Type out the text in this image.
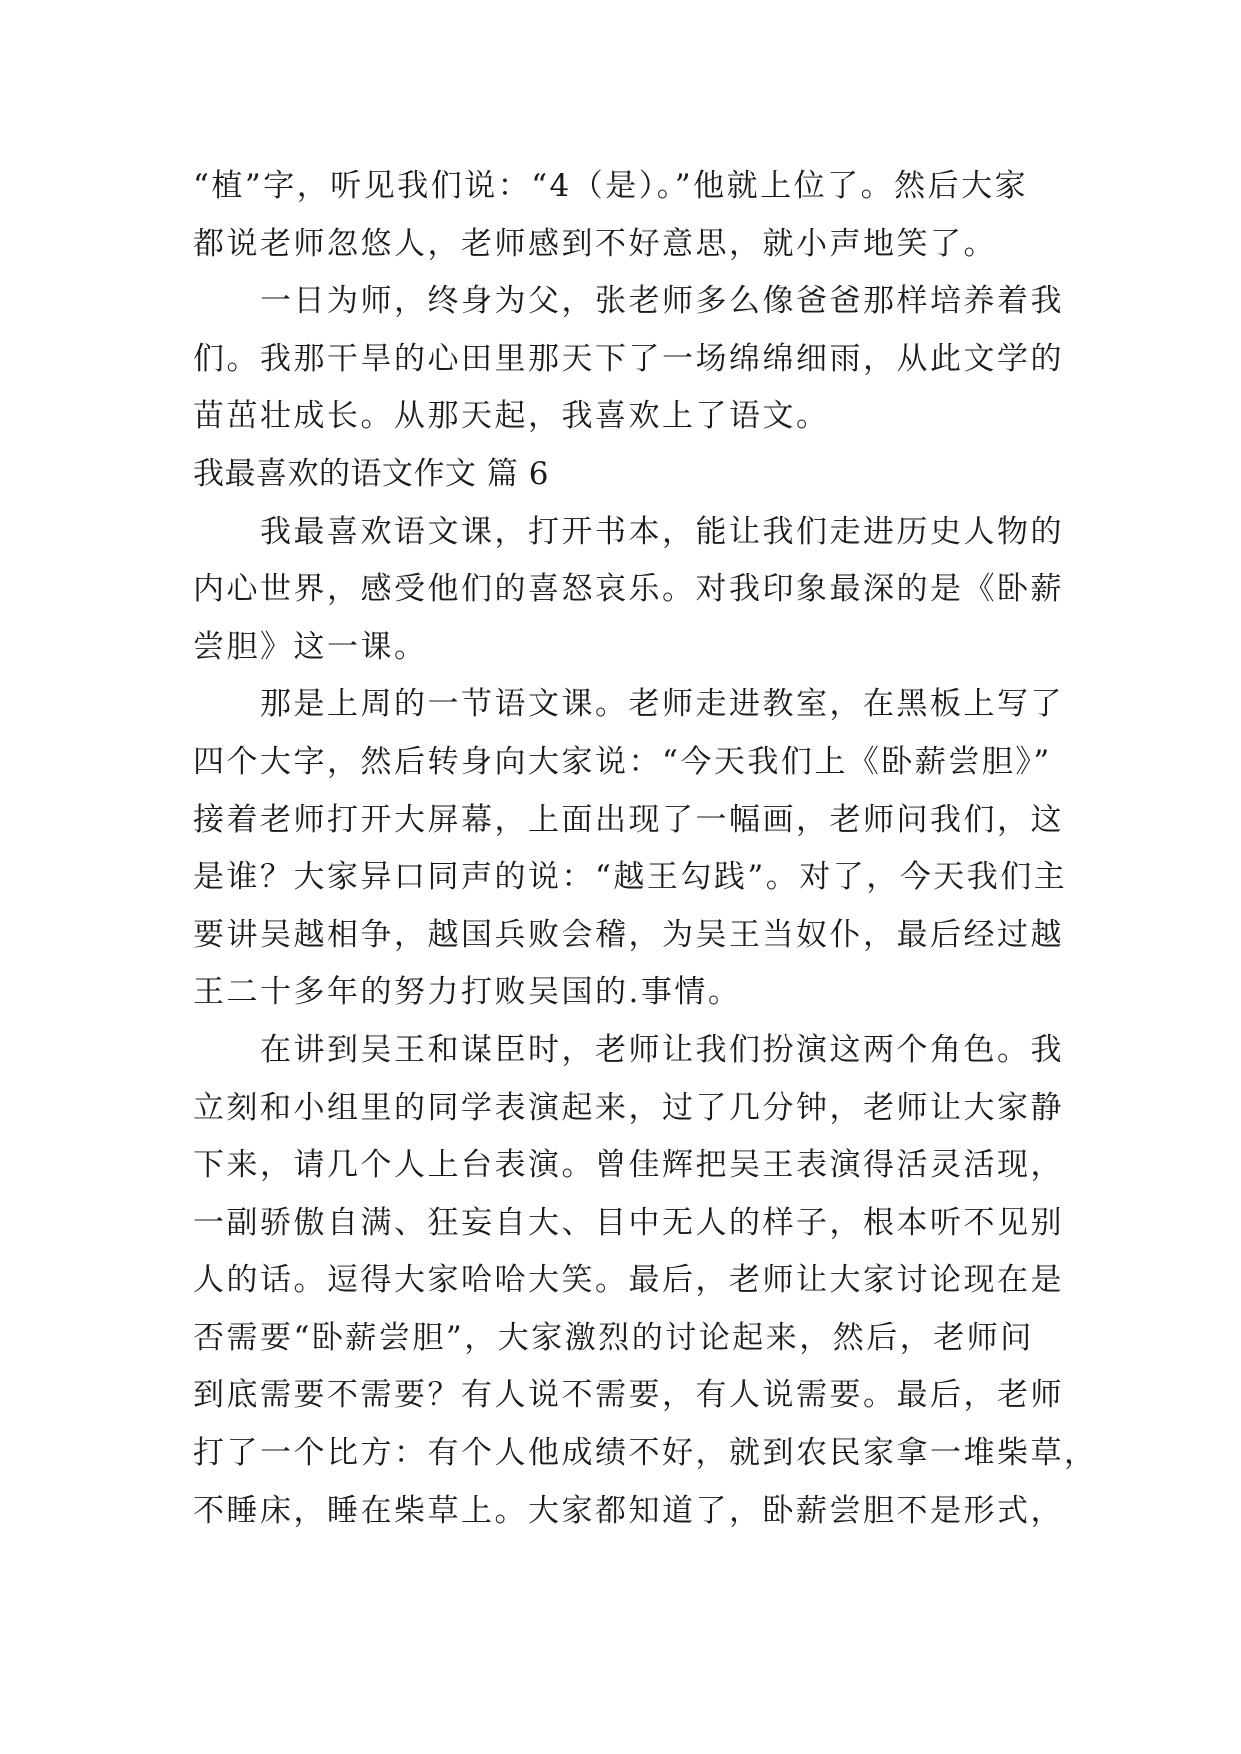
“植”字，听见我们说：“4（是）。”他就上位了。然后大家
都说老师忽悠人，老师感到不好意思，就小声地笑了。
　　一日为师，终身为父，张老师多么像爸爸那样培养着我
们。我那干旱的心田里那天下了一场绵绵细雨，从此文学的
苗茁壮成长。从那天起，我喜欢上了语文。
我最喜欢的语文作文 篇 6
　　我最喜欢语文课，打开书本，能让我们走进历史人物的
内心世界，感受他们的喜怒哀乐。对我印象最深的是《卧薪
尝胆》这一课。
　　那是上周的一节语文课。老师走进教室，在黑板上写了
四个大字，然后转身向大家说：“今天我们上《卧薪尝胆》”
接着老师打开大屏幕，上面出现了一幅画，老师问我们，这
是谁？大家异口同声的说：“越王勾践”。对了，今天我们主
要讲吴越相争，越国兵败会稽，为吴王当奴仆，最后经过越
王二十多年的努力打败吴国的.事情。
　　在讲到吴王和谋臣时，老师让我们扮演这两个角色。我
立刻和小组里的同学表演起来，过了几分钟，老师让大家静
下来，请几个人上台表演。曾佳辉把吴王表演得活灵活现，
一副骄傲自满、狂妄自大、目中无人的样子，根本听不见别
人的话。逗得大家哈哈大笑。最后，老师让大家讨论现在是
否需要“卧薪尝胆”，大家激烈的讨论起来，然后，老师问
到底需要不需要？有人说不需要，有人说需要。最后，老师
打了一个比方：有个人他成绩不好，就到农民家拿一堆柴草，
不睡床，睡在柴草上。大家都知道了，卧薪尝胆不是形式，
